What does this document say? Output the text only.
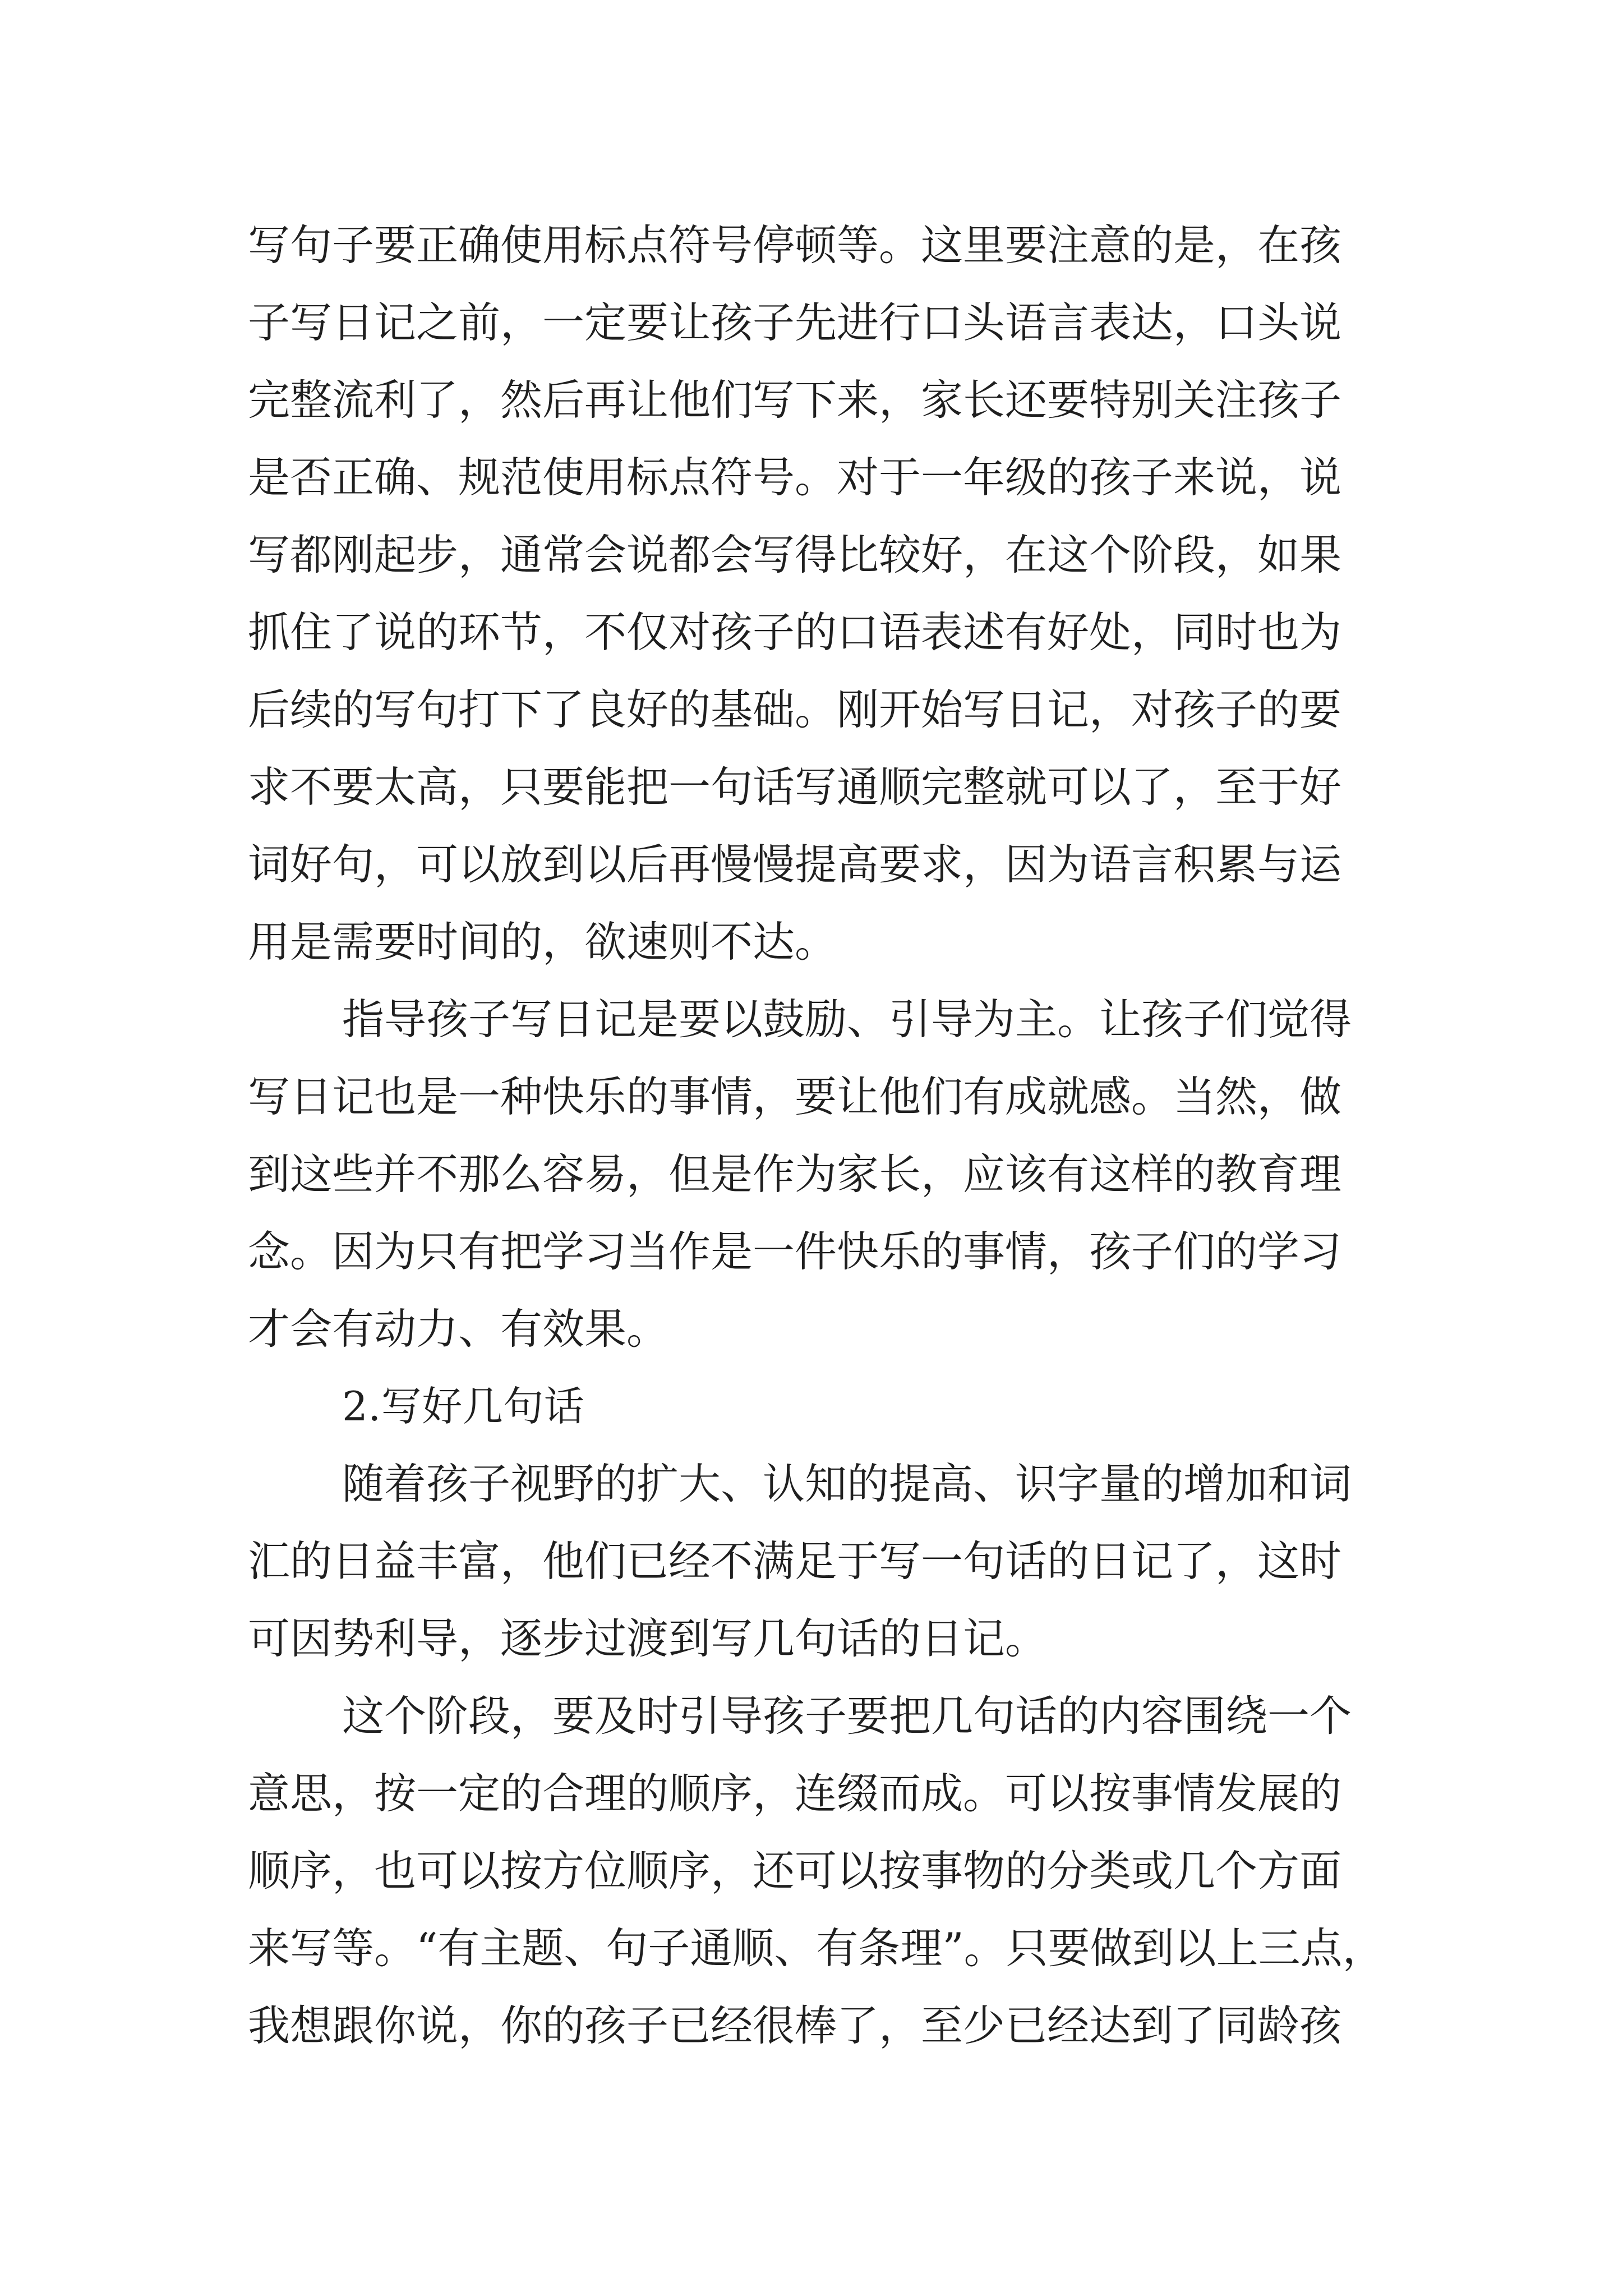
写句子要正确使用标点符号停顿等。这里要注意的是，在孩
子写日记之前，一定要让孩子先进行口头语言表达，口头说
完整流利了，然后再让他们写下来，家长还要特别关注孩子
是否正确、规范使用标点符号。对于一年级的孩子来说，说
写都刚起步，通常会说都会写得比较好，在这个阶段，如果
抓住了说的环节，不仅对孩子的口语表述有好处，同时也为
后续的写句打下了良好的基础。刚开始写日记，对孩子的要
求不要太高，只要能把一句话写通顺完整就可以了，至于好
词好句，可以放到以后再慢慢提高要求，因为语言积累与运
用是需要时间的，欲速则不达。
指导孩子写日记是要以鼓励、引导为主。让孩子们觉得
写日记也是一种快乐的事情，要让他们有成就感。当然，做
到这些并不那么容易，但是作为家长，应该有这样的教育理
念。因为只有把学习当作是一件快乐的事情，孩子们的学习
才会有动力、有效果。
2.写好几句话
随着孩子视野的扩大、认知的提高、识字量的增加和词
汇的日益丰富，他们已经不满足于写一句话的日记了，这时
可因势利导，逐步过渡到写几句话的日记。
这个阶段，要及时引导孩子要把几句话的内容围绕一个
意思，按一定的合理的顺序，连缀而成。可以按事情发展的
顺序，也可以按方位顺序，还可以按事物的分类或几个方面
来写等。“有主题、句子通顺、有条理”。只要做到以上三点，
我想跟你说，你的孩子已经很棒了，至少已经达到了同龄孩
